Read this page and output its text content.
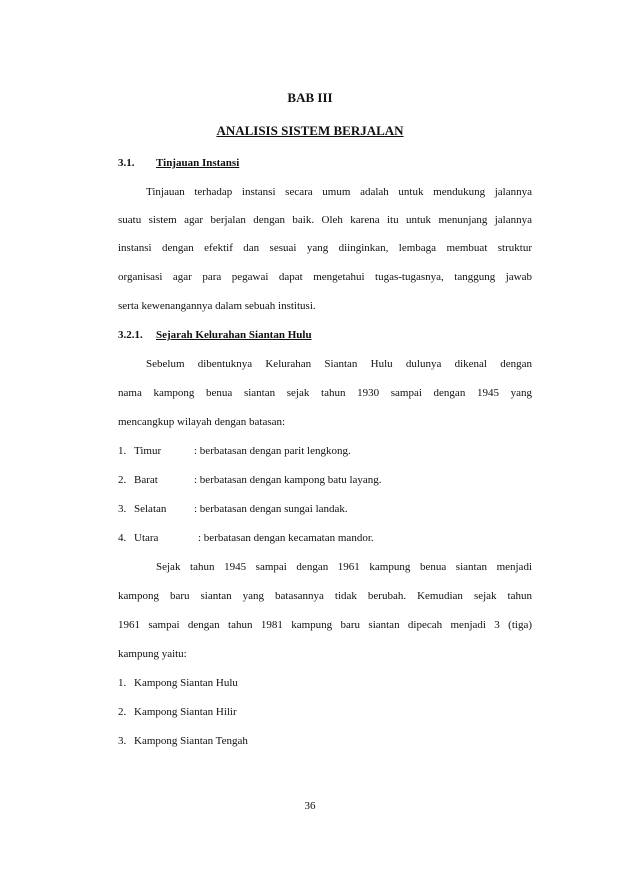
BAB III
ANALISIS SISTEM BERJALAN
3.1. Tinjauan Instansi
Tinjauan terhadap instansi secara umum adalah untuk mendukung jalannya
suatu sistem agar berjalan dengan baik. Oleh karena itu untuk menunjang jalannya
instansi dengan efektif dan sesuai yang diinginkan, lembaga membuat struktur
organisasi agar para pegawai dapat mengetahui tugas-tugasnya, tanggung jawab
serta kewenangannya dalam sebuah institusi.
3.2.1. Sejarah Kelurahan Siantan Hulu
Sebelum dibentuknya Kelurahan Siantan Hulu dulunya dikenal dengan
nama kampong benua siantan sejak tahun 1930 sampai dengan 1945 yang
mencangkup wilayah dengan batasan:
1. Timur	: berbatasan dengan parit lengkong.
2. Barat	: berbatasan dengan kampong batu layang.
3. Selatan	: berbatasan dengan sungai landak.
4. Utara	: berbatasan dengan kecamatan mandor.
Sejak tahun 1945 sampai dengan 1961 kampung benua siantan menjadi
kampong baru siantan yang batasannya tidak berubah. Kemudian sejak tahun
1961 sampai dengan tahun 1981 kampung baru siantan dipecah menjadi 3 (tiga)
kampung yaitu:
1. Kampong Siantan Hulu
2. Kampong Siantan Hilir
3. Kampong Siantan Tengah
36
